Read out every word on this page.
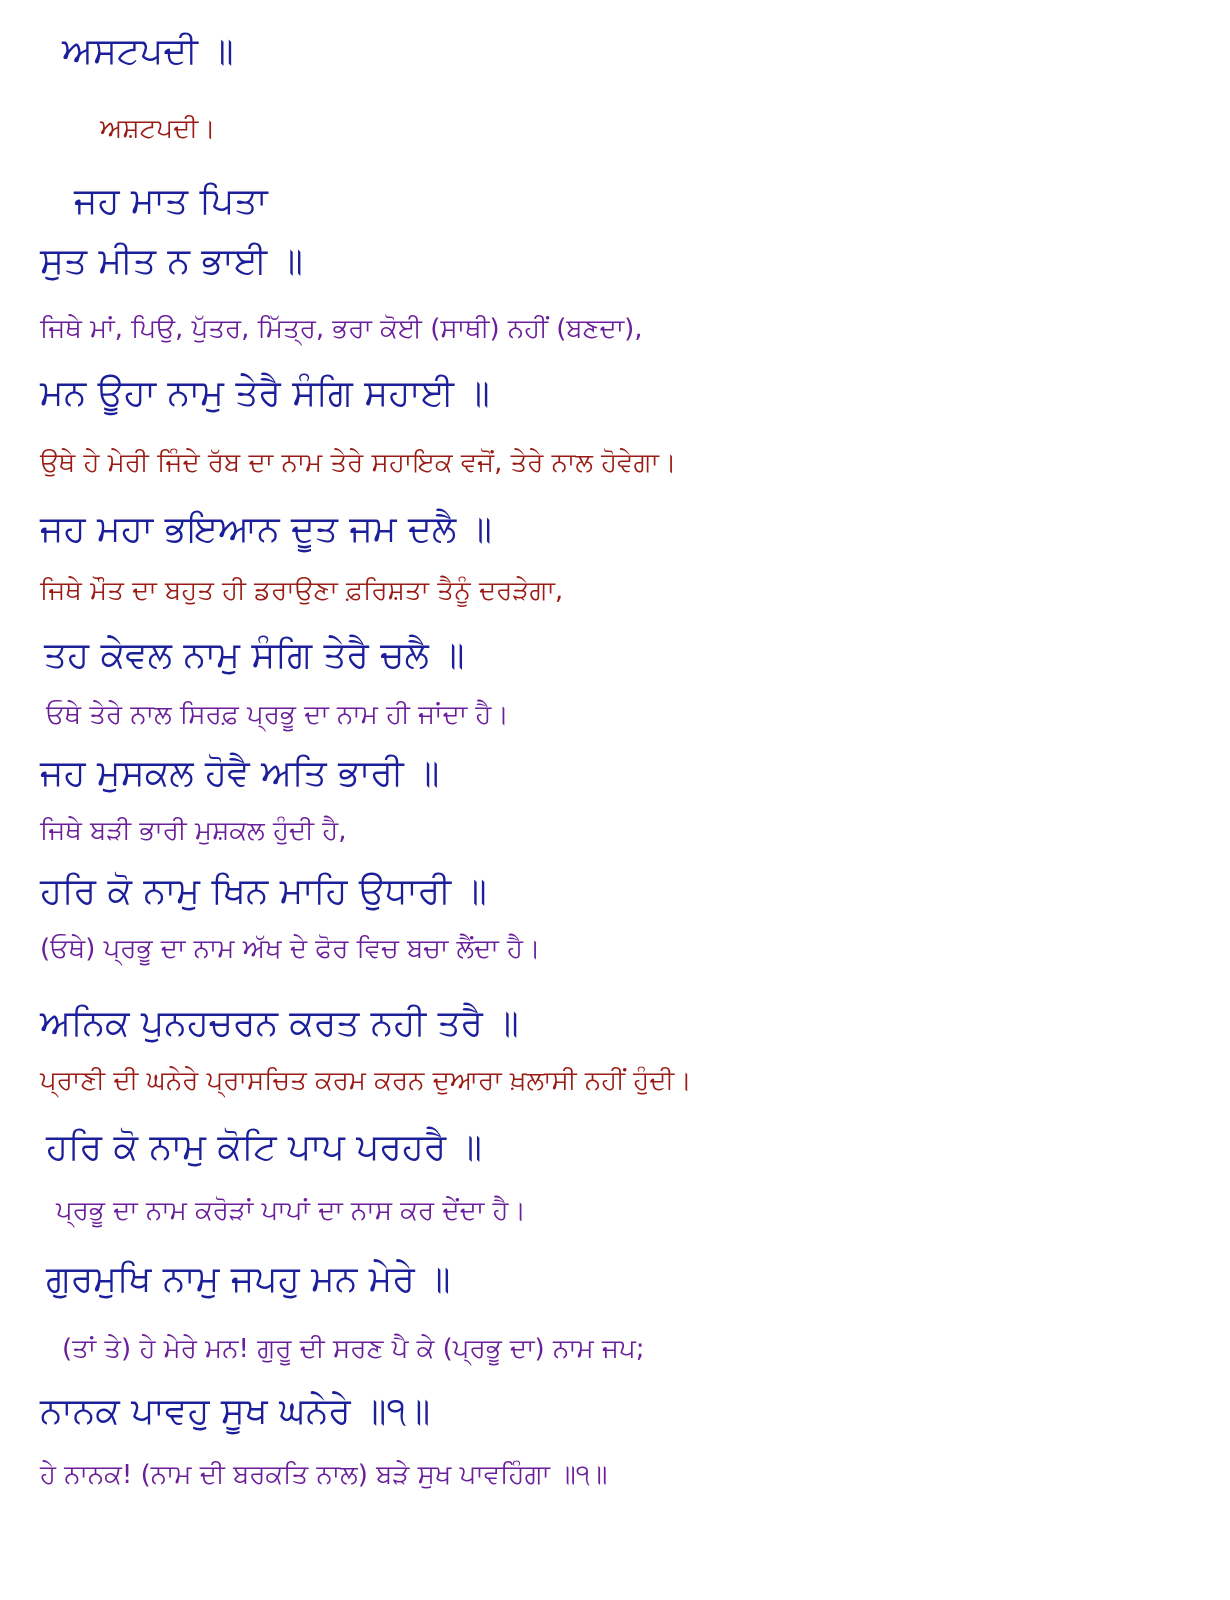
ਅਸਟਪਦੀ ॥
ਅਸ਼ਟਪਦੀ।
ਜਹ ਮਾਤ ਪਿਤਾ
ਸੁਤ ਮੀਤ ਨ ਭਾਈ ॥
ਜਿਥੇ ਮਾਂ, ਪਿਉ, ਪੁੱਤਰ, ਮਿੱਤ੍ਰ, ਭਰਾ ਕੋਈ (ਸਾਥੀ) ਨਹੀਂ (ਬਣਦਾ),
ਮਨ ਊਹਾ ਨਾਮੁ ਤੇਰੈ ਸੰਗਿ ਸਹਾਈ ॥
ਉਥੇ ਹੇ ਮੇਰੀ ਜਿੰਦੇ ਰੱਬ ਦਾ ਨਾਮ ਤੇਰੇ ਸਹਾਇਕ ਵਜੋਂ, ਤੇਰੇ ਨਾਲ ਹੋਵੇਗਾ।
ਜਹ ਮਹਾ ਭਇਆਨ ਦੂਤ ਜਮ ਦਲੈ ॥
ਜਿਥੇ ਮੌਤ ਦਾ ਬਹੁਤ ਹੀ ਡਰਾਉਣਾ ਫ਼ਰਿਸ਼ਤਾ ਤੈਨੂੰ ਦਰੜੇਗਾ,
ਤਹ ਕੇਵਲ ਨਾਮੁ ਸੰਗਿ ਤੇਰੈ ਚਲੈ ॥
ਓਥੇ ਤੇਰੇ ਨਾਲ ਸਿਰਫ਼ ਪ੍ਰਭੂ ਦਾ ਨਾਮ ਹੀ ਜਾਂਦਾ ਹੈ।
ਜਹ ਮੁਸਕਲ ਹੋਵੈ ਅਤਿ ਭਾਰੀ ॥
ਜਿਥੇ ਬੜੀ ਭਾਰੀ ਮੁਸ਼ਕਲ ਹੁੰਦੀ ਹੈ,
ਹਰਿ ਕੋ ਨਾਮੁ ਖਿਨ ਮਾਹਿ ਉਧਾਰੀ ॥
(ਓਥੇ) ਪ੍ਰਭੂ ਦਾ ਨਾਮ ਅੱਖ ਦੇ ਫੋਰ ਵਿਚ ਬਚਾ ਲੈਂਦਾ ਹੈ।
ਅਨਿਕ ਪੁਨਹਚਰਨ ਕਰਤ ਨਹੀ ਤਰੈ ॥
ਪ੍ਰਾਣੀ ਦੀ ਘਨੇਰੇ ਪ੍ਰਾਸਚਿਤ ਕਰਮ ਕਰਨ ਦੁਆਰਾ ਖ਼ਲਾਸੀ ਨਹੀਂ ਹੁੰਦੀ।
ਹਰਿ ਕੋ ਨਾਮੁ ਕੋਟਿ ਪਾਪ ਪਰਹਰੈ ॥
ਪ੍ਰਭੂ ਦਾ ਨਾਮ ਕਰੋੜਾਂ ਪਾਪਾਂ ਦਾ ਨਾਸ ਕਰ ਦੇਂਦਾ ਹੈ।
ਗੁਰਮੁਖਿ ਨਾਮੁ ਜਪਹੁ ਮਨ ਮੇਰੇ ॥
(ਤਾਂ ਤੇ) ਹੇ ਮੇਰੇ ਮਨ! ਗੁਰੂ ਦੀ ਸਰਣ ਪੈ ਕੇ (ਪ੍ਰਭੂ ਦਾ) ਨਾਮ ਜਪ;
ਨਾਨਕ ਪਾਵਹੁ ਸੂਖ ਘਨੇਰੇ ॥੧॥
ਹੇ ਨਾਨਕ! (ਨਾਮ ਦੀ ਬਰਕਤਿ ਨਾਲ) ਬੜੇ ਸੁਖ ਪਾਵਹਿੰਗਾ ॥੧॥
